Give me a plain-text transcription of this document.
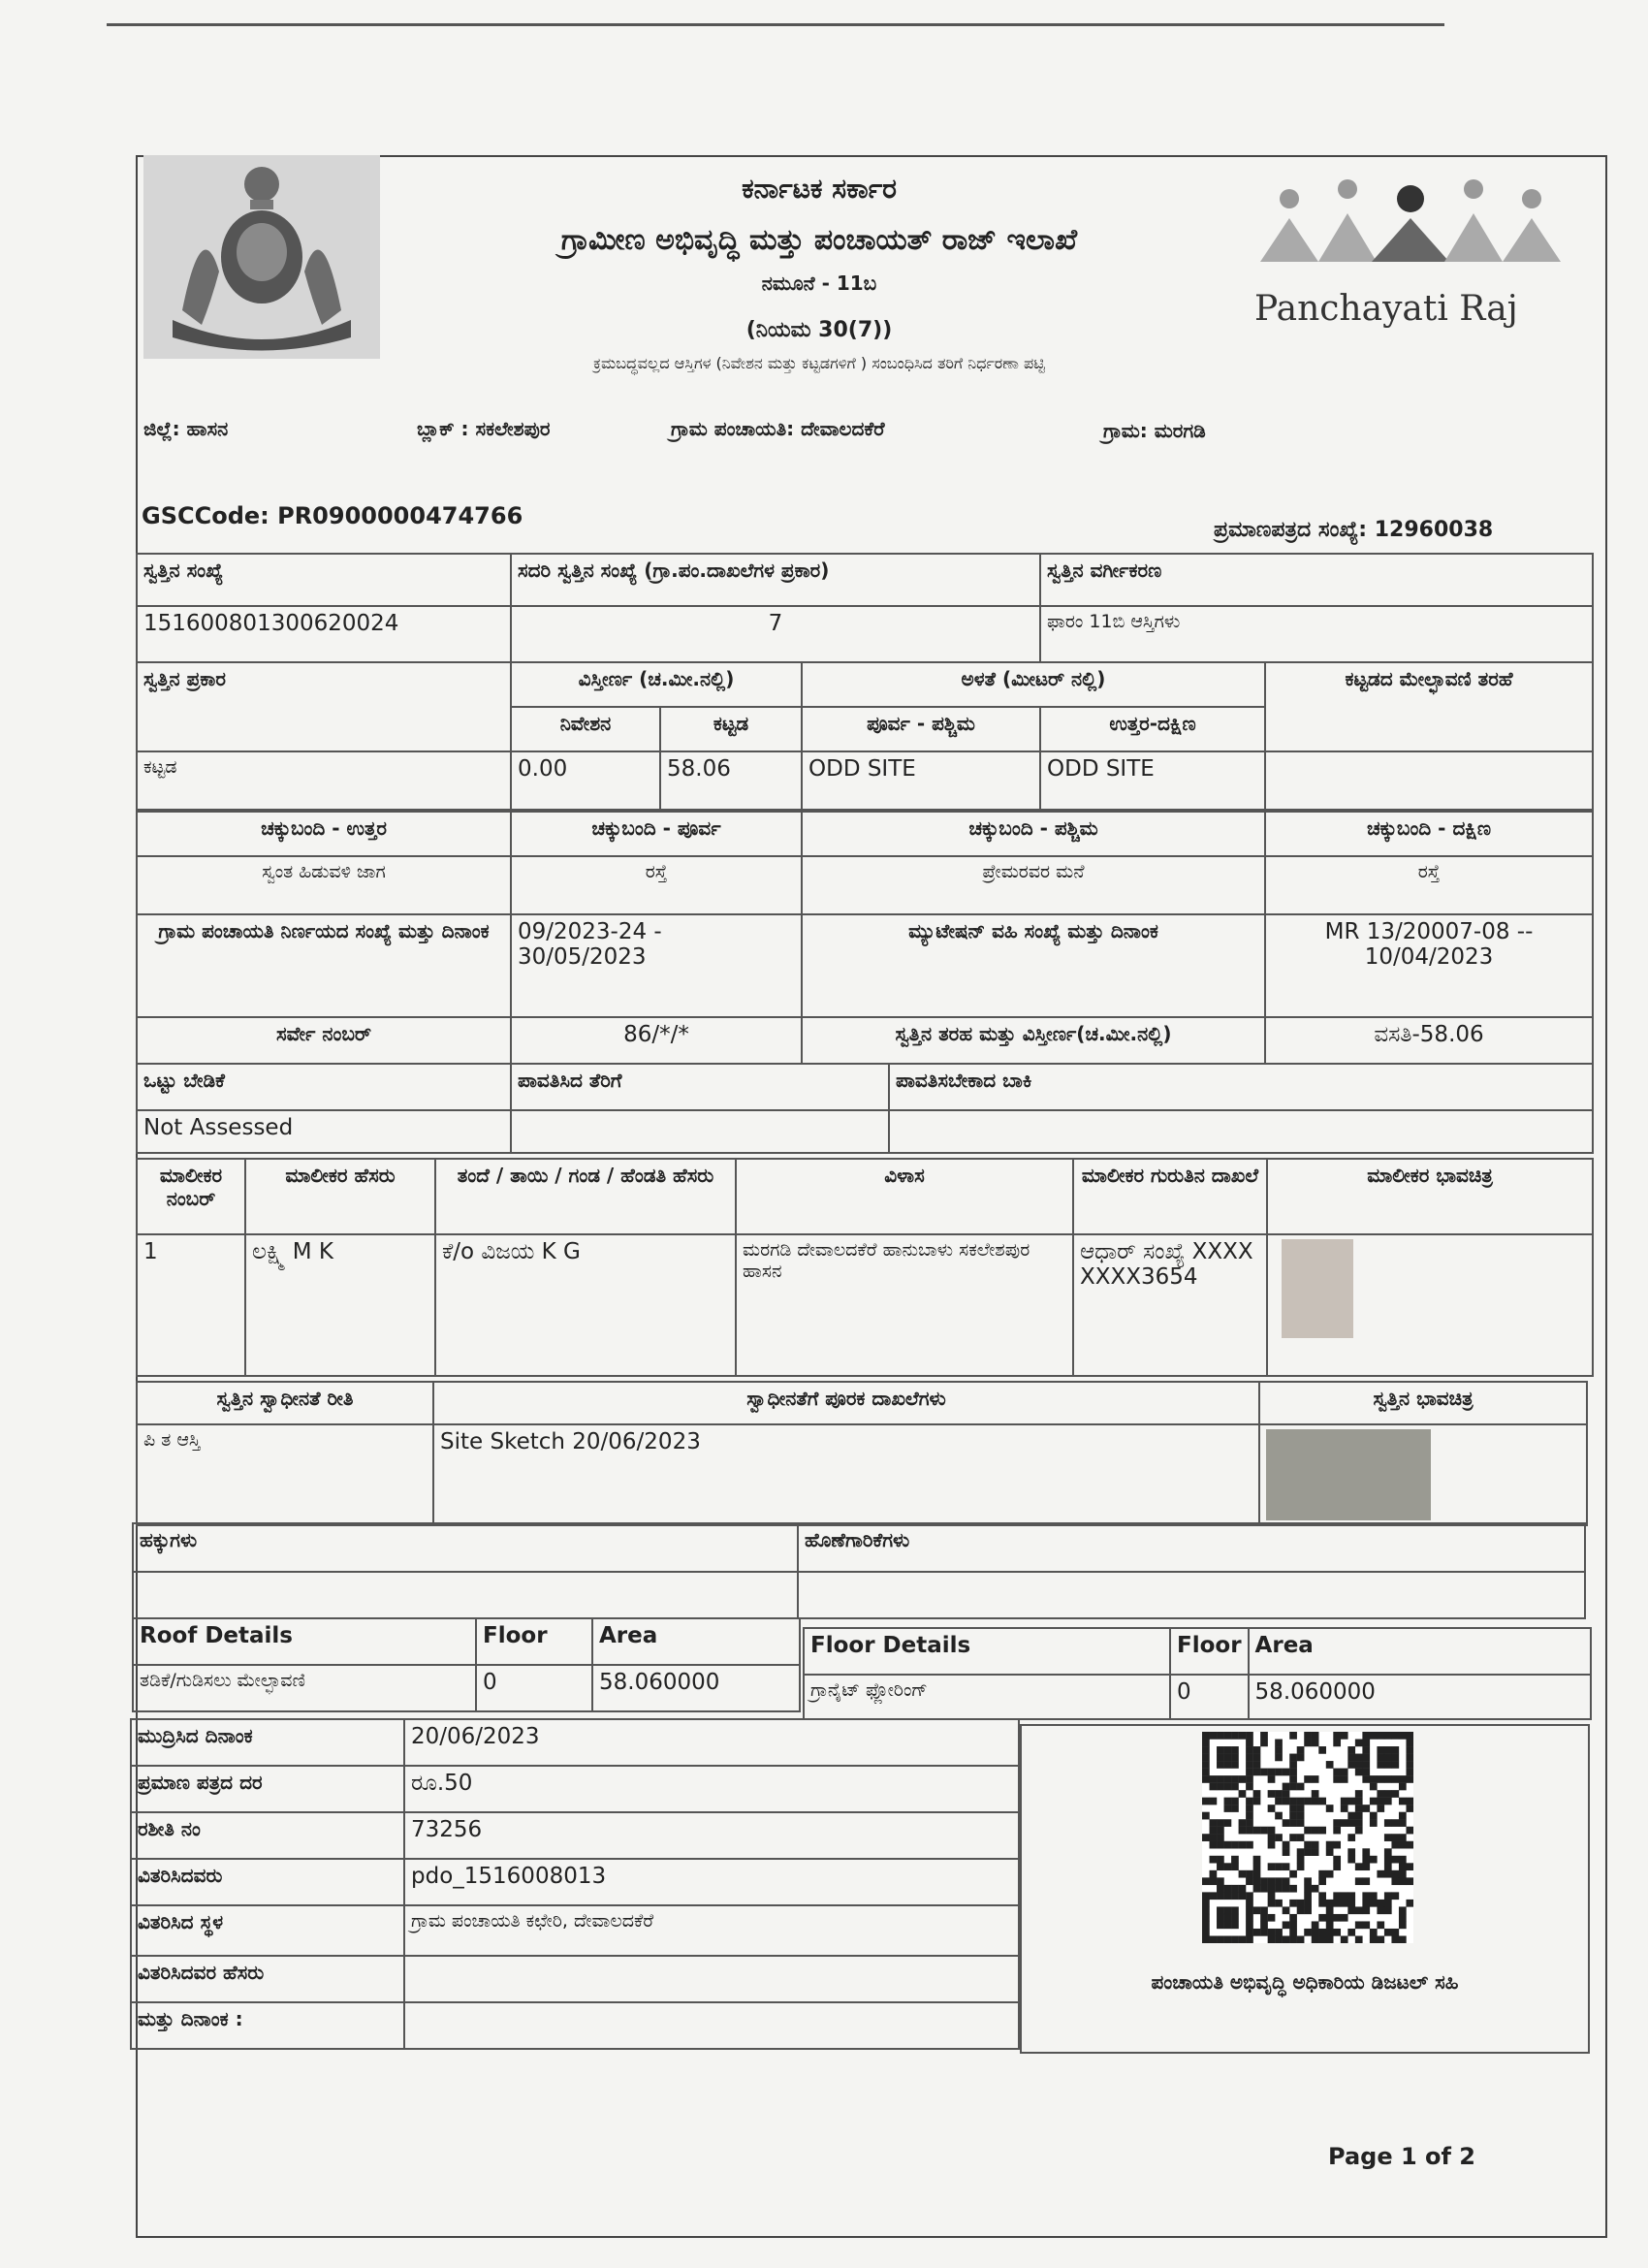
Panchayati Raj
ಕರ್ನಾಟಕ ಸರ್ಕಾರ
ಗ್ರಾಮೀಣ ಅಭಿವೃದ್ಧಿ ಮತ್ತು ಪಂಚಾಯತ್ ರಾಜ್ ಇಲಾಖೆ
ನಮೂನೆ - 11ಬ
(ನಿಯಮ 30(7))
ಕ್ರಮಬದ್ಧವಲ್ಲದ ಆಸ್ತಿಗಳ (ನಿವೇಶನ ಮತ್ತು ಕಟ್ಟಡಗಳಿಗೆ ) ಸಂಬಂಧಿಸಿದ ತರಿಗೆ ನಿರ್ಧರಣಾ ಪಟ್ಟಿ
ಜಿಲ್ಲೆ: ಹಾಸನ	ಬ್ಲಾಕ್ : ಸಕಲೇಶಪುರ	ಗ್ರಾಮ ಪಂಚಾಯತಿ: ದೇವಾಲದಕೆರೆ	ಗ್ರಾಮ: ಮರಗಡಿ
GSCCode: PR0900000474766
ಪ್ರಮಾಣಪತ್ರದ ಸಂಖ್ಯೆ: 12960038
ಸ್ವತ್ತಿನ ಸಂಖ್ಯೆ	ಸದರಿ ಸ್ವತ್ತಿನ ಸಂಖ್ಯೆ (ಗ್ರಾ.ಪಂ.ದಾಖಲೆಗಳ ಪ್ರಕಾರ)	ಸ್ವತ್ತಿನ ವರ್ಗೀಕರಣ
151600801300620024	7	ಫಾರಂ 11ಬಿ ಆಸ್ತಿಗಳು
ಸ್ವತ್ತಿನ ಪ್ರಕಾರ	ವಿಸ್ತೀರ್ಣ (ಚ.ಮೀ.ನಲ್ಲಿ)		ಅಳತೆ (ಮೀಟರ್ ನಲ್ಲಿ)		ಕಟ್ಟಡದ ಮೇಲ್ಛಾವಣಿ ತರಹೆ
	ನಿವೇಶನ	ಕಟ್ಟಡ	ಪೂರ್ವ - ಪಶ್ಚಿಮ	ಉತ್ತರ-ದಕ್ಷಿಣ	
ಕಟ್ಟಡ	0.00	58.06	ODD SITE	ODD SITE	
ಚಕ್ಕುಬಂದಿ - ಉತ್ತರ	ಚಕ್ಕುಬಂದಿ - ಪೂರ್ವ	ಚಕ್ಕುಬಂದಿ - ಪಶ್ಚಿಮ	ಚಕ್ಕುಬಂದಿ - ದಕ್ಷಿಣ
ಸ್ವಂತ ಹಿಡುವಳಿ ಜಾಗ	ರಸ್ತೆ	ಪ್ರೇಮರವರ ಮನೆ	ರಸ್ತೆ
ಗ್ರಾಮ ಪಂಚಾಯತಿ ನಿರ್ಣಯದ ಸಂಖ್ಯೆ ಮತ್ತು ದಿನಾಂಕ	09/2023-24 - 30/05/2023	ಮ್ಯುಟೇಷನ್ ವಹಿ ಸಂಖ್ಯೆ ಮತ್ತು ದಿನಾಂಕ	MR 13/20007-08 -- 10/04/2023
ಸರ್ವೇ ನಂಬರ್	86/*/*	ಸ್ವತ್ತಿನ ತರಹ ಮತ್ತು ವಿಸ್ತೀರ್ಣ(ಚ.ಮೀ.ನಲ್ಲಿ)	ವಸತಿ-58.06
ಒಟ್ಟು ಬೇಡಿಕೆ	ಪಾವತಿಸಿದ ತೆರಿಗೆ	ಪಾವತಿಸಬೇಕಾದ ಬಾಕಿ
Not Assessed		
ಮಾಲೀಕರ ನಂಬರ್	ಮಾಲೀಕರ ಹೆಸರು	ತಂದೆ / ತಾಯಿ / ಗಂಡ / ಹೆಂಡತಿ ಹೆಸರು	ವಿಳಾಸ	ಮಾಲೀಕರ ಗುರುತಿನ ದಾಖಲೆ	ಮಾಲೀಕರ ಭಾವಚಿತ್ರ
1	ಲಕ್ಷ್ಮಿ M K	ಕೆ/o ವಿಜಯ K G	ಮರಗಡಿ ದೇವಾಲದಕೆರೆ ಹಾನುಬಾಳು ಸಕಲೇಶಪುರ ಹಾಸನ	ಆಧಾರ್ ಸಂಖ್ಯೆ XXXXXXXX3654	
ಸ್ವತ್ತಿನ ಸ್ವಾಧೀನತೆ ರೀತಿ	ಸ್ವಾಧೀನತೆಗೆ ಪೂರಕ ದಾಖಲೆಗಳು	ಸ್ವತ್ತಿನ ಭಾವಚಿತ್ರ
ಪಿ ತ ಆಸ್ತಿ	Site Sketch 20/06/2023	
ಹಕ್ಕುಗಳು	ಹೊಣೆಗಾರಿಕೆಗಳು

Roof Details	Floor	Area
ತಡಿಕೆ/ಗುಡಿಸಲು ಮೇಲ್ಛಾವಣಿ	0	58.060000
Floor Details	Floor	Area
ಗ್ರಾನೈಟ್ ಫ್ಲೋರಿಂಗ್	0	58.060000
ಮುದ್ರಿಸಿದ ದಿನಾಂಕ	20/06/2023
ಪ್ರಮಾಣ ಪತ್ರದ ದರ	ರೂ.50
ರಶೀತಿ ನಂ	73256
ವಿತರಿಸಿದವರು	pdo_1516008013
ವಿತರಿಸಿದ ಸ್ಥಳ	ಗ್ರಾಮ ಪಂಚಾಯತಿ ಕಛೇರಿ, ದೇವಾಲದಕೆರೆ
ವಿತರಿಸಿದವರ ಹೆಸರು	
ಮತ್ತು ದಿನಾಂಕ :	
ಪಂಚಾಯತಿ ಅಭಿವೃದ್ಧಿ ಅಧಿಕಾರಿಯ ಡಿಜಟಲ್ ಸಹಿ
Page 1 of 2
